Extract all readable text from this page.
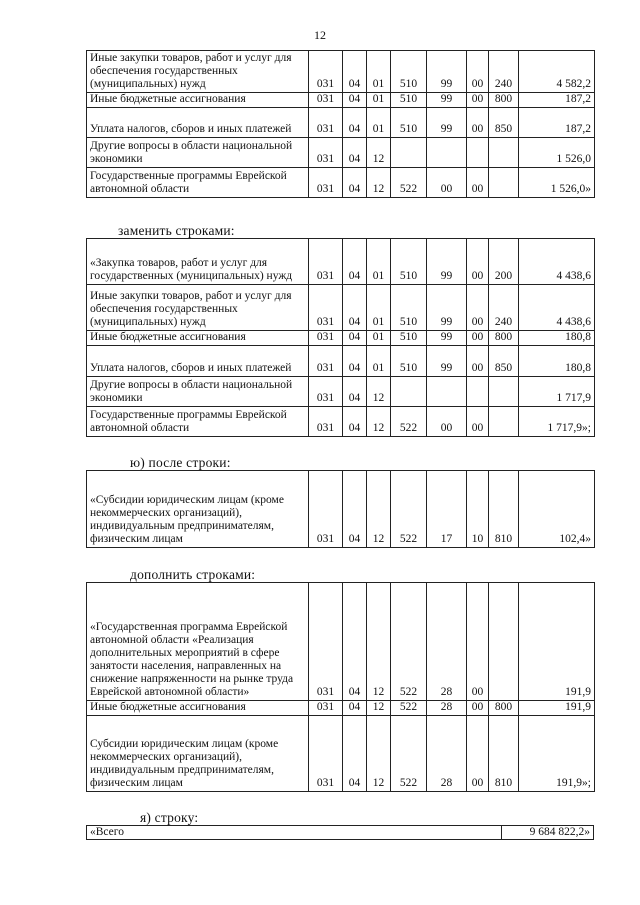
12
Иные закупки товаров, работ и услуг для обеспечения государственных (муниципальных) нужд	031	04	01	510	99	00	240	4 582,2
Иные бюджетные ассигнования	031	04	01	510	99	00	800	187,2
Уплата налогов, сборов и иных платежей	031	04	01	510	99	00	850	187,2
Другие вопросы в области национальной экономики	031	04	12					1 526,0
Государственные программы Еврейской автономной области	031	04	12	522	00	00		1 526,0»
заменить строками:
«Закупка товаров, работ и услуг для государственных (муниципальных) нужд	031	04	01	510	99	00	200	4 438,6
Иные закупки товаров, работ и услуг для обеспечения государственных (муниципальных) нужд	031	04	01	510	99	00	240	4 438,6
Иные бюджетные ассигнования	031	04	01	510	99	00	800	180,8
Уплата налогов, сборов и иных платежей	031	04	01	510	99	00	850	180,8
Другие вопросы в области национальной экономики	031	04	12					1 717,9
Государственные программы Еврейской автономной области	031	04	12	522	00	00		1 717,9»;
ю) после строки:
«Субсидии юридическим лицам (кроме некоммерческих организаций), индивидуальным предпринимателям, физическим лицам	031	04	12	522	17	10	810	102,4»
дополнить строками:
«Государственная программа Еврейской автономной области «Реализация дополнительных мероприятий в сфере занятости населения, направленных на снижение напряженности на рынке труда Еврейской автономной области»	031	04	12	522	28	00		191,9
Иные бюджетные ассигнования	031	04	12	522	28	00	800	191,9
Субсидии юридическим лицам (кроме некоммерческих организаций), индивидуальным предпринимателям, физическим лицам	031	04	12	522	28	00	810	191,9»;
я) строку:
«Всего	9 684 822,2»
